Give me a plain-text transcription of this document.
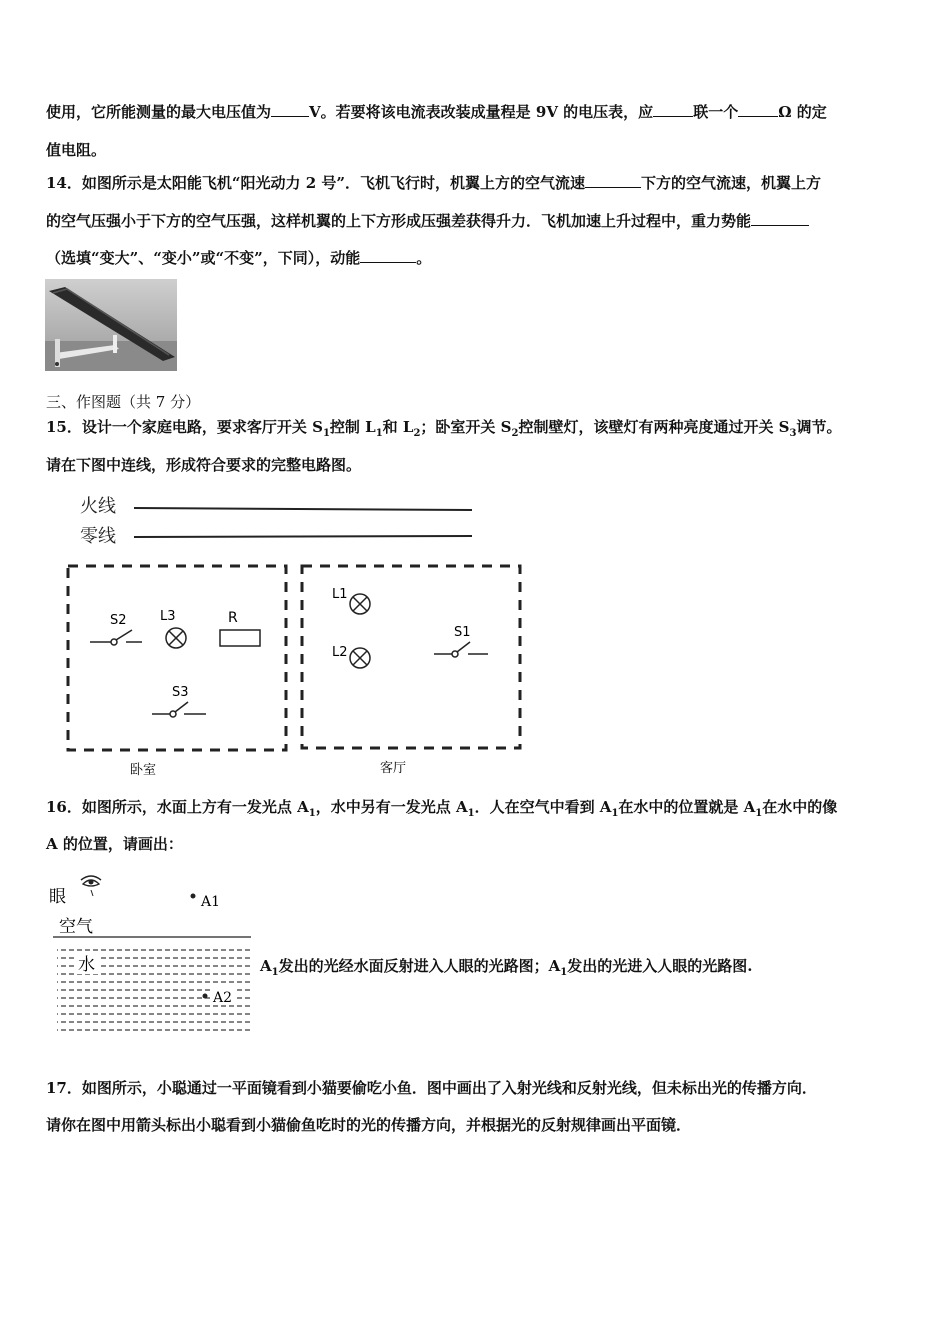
使用，它所能测量的最大电压值为	V。若要将该电流表改装成量程是 9V 的电压表，应	联一个	Ω 的定
值电阻。
14．如图所示是太阳能飞机“阳光动力 2 号”．飞机飞行时，机翼上方的空气流速	下方的空气流速，机翼上方
的空气压强小于下方的空气压强，这样机翼的上下方形成压强差获得升力．飞机加速上升过程中，重力势能
（选填“变大”、“变小”或“不变”，下同），动能	。
三、作图题（共 7 分）
15．设计一个家庭电路，要求客厅开关 $S_1$控制 $L_1$和 $L_2$；卧室开关 $S_2$控制壁灯，该壁灯有两种亮度通过开关 $S_3$调节。
请在下图中连线，形成符合要求的完整电路图。
火线
零线
S2	L3	R
S3
L1
L2
S1
卧室	客厅
16．如图所示，水面上方有一发光点 $A_1$，水中另有一发光点 $A_1$．人在空气中看到 $A_1$在水中的位置就是 $A_1$在水中的像
A 的位置，请画出：
眼	A1
空气
水
A2
$A_1$发出的光经水面反射进入人眼的光路图；$A_1$发出的光进入人眼的光路图.
17．如图所示，小聪通过一平面镜看到小猫要偷吃小鱼．图中画出了入射光线和反射光线，但未标出光的传播方向．
请你在图中用箭头标出小聪看到小猫偷鱼吃时的光的传播方向，并根据光的反射规律画出平面镜．
